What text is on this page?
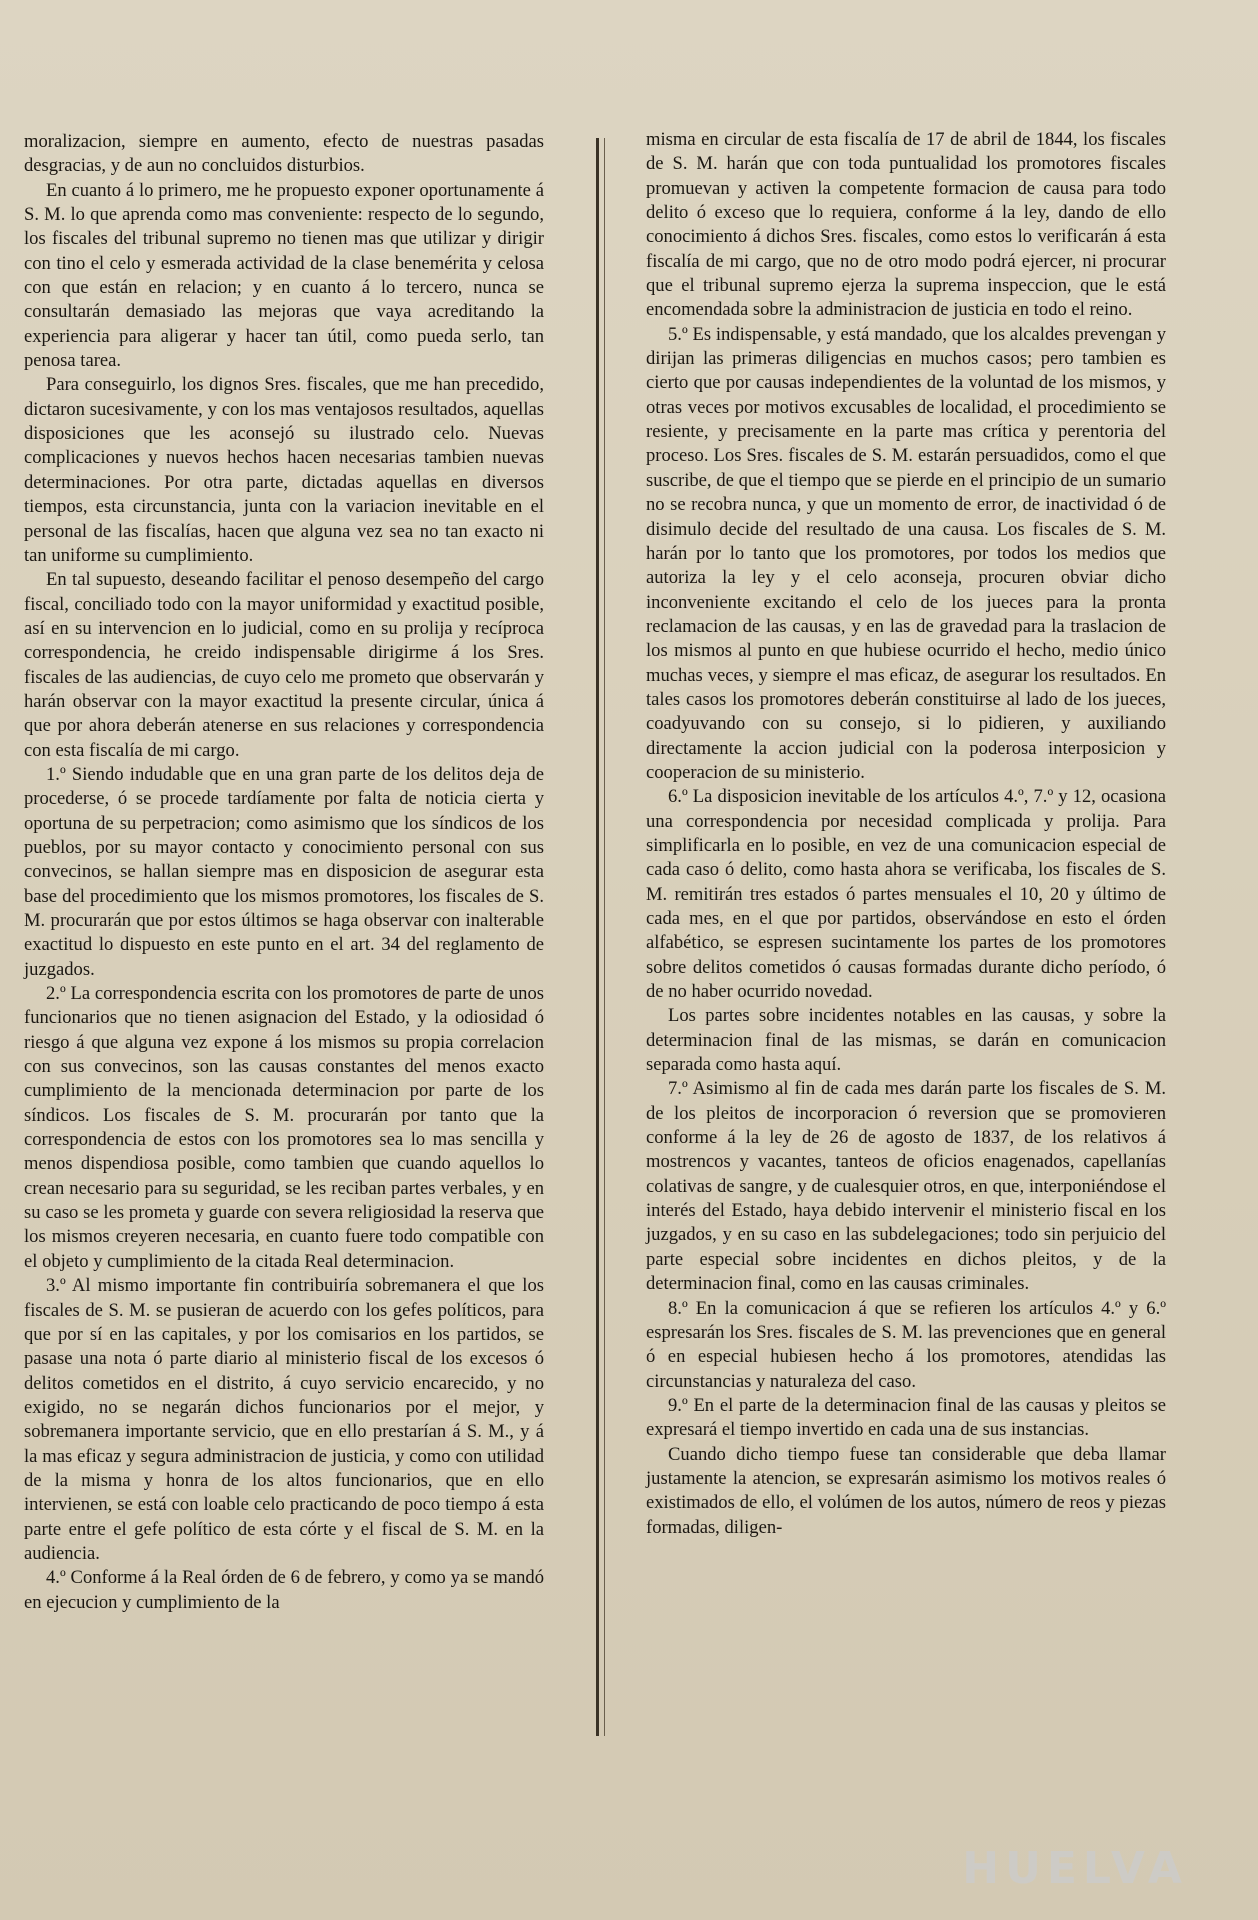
moralizacion, siempre en aumento, efecto de nuestras pasadas desgracias, y de aun no concluidos disturbios.

En cuanto á lo primero, me he propuesto exponer oportunamente á S. M. lo que aprenda como mas conveniente: respecto de lo segundo, los fiscales del tribunal supremo no tienen mas que utilizar y dirigir con tino el celo y esmerada actividad de la clase benemérita y celosa con que están en relacion; y en cuanto á lo tercero, nunca se consultarán demasiado las mejoras que vaya acreditando la experiencia para aligerar y hacer tan útil, como pueda serlo, tan penosa tarea.

Para conseguirlo, los dignos Sres. fiscales, que me han precedido, dictaron sucesivamente, y con los mas ventajosos resultados, aquellas disposiciones que les aconsejó su ilustrado celo. Nuevas complicaciones y nuevos hechos hacen necesarias tambien nuevas determinaciones. Por otra parte, dictadas aquellas en diversos tiempos, esta circunstancia, junta con la variacion inevitable en el personal de las fiscalías, hacen que alguna vez sea no tan exacto ni tan uniforme su cumplimiento.

En tal supuesto, deseando facilitar el penoso desempeño del cargo fiscal, conciliado todo con la mayor uniformidad y exactitud posible, así en su intervencion en lo judicial, como en su prolija y recíproca correspondencia, he creido indispensable dirigirme á los Sres. fiscales de las audiencias, de cuyo celo me prometo que observarán y harán observar con la mayor exactitud la presente circular, única á que por ahora deberán atenerse en sus relaciones y correspondencia con esta fiscalía de mi cargo.

1.º Siendo indudable que en una gran parte de los delitos deja de procederse, ó se procede tardíamente por falta de noticia cierta y oportuna de su perpetracion; como asimismo que los síndicos de los pueblos, por su mayor contacto y conocimiento personal con sus convecinos, se hallan siempre mas en disposicion de asegurar esta base del procedimiento que los mismos promotores, los fiscales de S. M. procurarán que por estos últimos se haga observar con inalterable exactitud lo dispuesto en este punto en el art. 34 del reglamento de juzgados.

2.º La correspondencia escrita con los promotores de parte de unos funcionarios que no tienen asignacion del Estado, y la odiosidad ó riesgo á que alguna vez expone á los mismos su propia correlacion con sus convecinos, son las causas constantes del menos exacto cumplimiento de la mencionada determinacion por parte de los síndicos. Los fiscales de S. M. procurarán por tanto que la correspondencia de estos con los promotores sea lo mas sencilla y menos dispendiosa posible, como tambien que cuando aquellos lo crean necesario para su seguridad, se les reciban partes verbales, y en su caso se les prometa y guarde con severa religiosidad la reserva que los mismos creyeren necesaria, en cuanto fuere todo compatible con el objeto y cumplimiento de la citada Real determinacion.

3.º Al mismo importante fin contribuiría sobremanera el que los fiscales de S. M. se pusieran de acuerdo con los gefes políticos, para que por sí en las capitales, y por los comisarios en los partidos, se pasase una nota ó parte diario al ministerio fiscal de los excesos ó delitos cometidos en el distrito, á cuyo servicio encarecido, y no exigido, no se negarán dichos funcionarios por el mejor, y sobremanera importante servicio, que en ello prestarían á S. M., y á la mas eficaz y segura administracion de justicia, y como con utilidad de la misma y honra de los altos funcionarios, que en ello intervienen, se está con loable celo practicando de poco tiempo á esta parte entre el gefe político de esta córte y el fiscal de S. M. en la audiencia.

4.º Conforme á la Real órden de 6 de febrero, y como ya se mandó en ejecucion y cumplimiento de la

misma en circular de esta fiscalía de 17 de abril de 1844, los fiscales de S. M. harán que con toda puntualidad los promotores fiscales promuevan y activen la competente formacion de causa para todo delito ó exceso que lo requiera, conforme á la ley, dando de ello conocimiento á dichos Sres. fiscales, como estos lo verificarán á esta fiscalía de mi cargo, que no de otro modo podrá ejercer, ni procurar que el tribunal supremo ejerza la suprema inspeccion, que le está encomendada sobre la administracion de justicia en todo el reino.

5.º Es indispensable, y está mandado, que los alcaldes prevengan y dirijan las primeras diligencias en muchos casos; pero tambien es cierto que por causas independientes de la voluntad de los mismos, y otras veces por motivos excusables de localidad, el procedimiento se resiente, y precisamente en la parte mas crítica y perentoria del proceso. Los Sres. fiscales de S. M. estarán persuadidos, como el que suscribe, de que el tiempo que se pierde en el principio de un sumario no se recobra nunca, y que un momento de error, de inactividad ó de disimulo decide del resultado de una causa. Los fiscales de S. M. harán por lo tanto que los promotores, por todos los medios que autoriza la ley y el celo aconseja, procuren obviar dicho inconveniente excitando el celo de los jueces para la pronta reclamacion de las causas, y en las de gravedad para la traslacion de los mismos al punto en que hubiese ocurrido el hecho, medio único muchas veces, y siempre el mas eficaz, de asegurar los resultados. En tales casos los promotores deberán constituirse al lado de los jueces, coadyuvando con su consejo, si lo pidieren, y auxiliando directamente la accion judicial con la poderosa interposicion y cooperacion de su ministerio.

6.º La disposicion inevitable de los artículos 4.º, 7.º y 12, ocasiona una correspondencia por necesidad complicada y prolija. Para simplificarla en lo posible, en vez de una comunicacion especial de cada caso ó delito, como hasta ahora se verificaba, los fiscales de S. M. remitirán tres estados ó partes mensuales el 10, 20 y último de cada mes, en el que por partidos, observándose en esto el órden alfabético, se espresen sucintamente los partes de los promotores sobre delitos cometidos ó causas formadas durante dicho período, ó de no haber ocurrido novedad.

Los partes sobre incidentes notables en las causas, y sobre la determinacion final de las mismas, se darán en comunicacion separada como hasta aquí.

7.º Asimismo al fin de cada mes darán parte los fiscales de S. M. de los pleitos de incorporacion ó reversion que se promovieren conforme á la ley de 26 de agosto de 1837, de los relativos á mostrencos y vacantes, tanteos de oficios enagenados, capellanías colativas de sangre, y de cualesquier otros, en que, interponiéndose el interés del Estado, haya debido intervenir el ministerio fiscal en los juzgados, y en su caso en las subdelegaciones; todo sin perjuicio del parte especial sobre incidentes en dichos pleitos, y de la determinacion final, como en las causas criminales.

8.º En la comunicacion á que se refieren los artículos 4.º y 6.º espresarán los Sres. fiscales de S. M. las prevenciones que en general ó en especial hubiesen hecho á los promotores, atendidas las circunstancias y naturaleza del caso.

9.º En el parte de la determinacion final de las causas y pleitos se expresará el tiempo invertido en cada una de sus instancias.

Cuando dicho tiempo fuese tan considerable que deba llamar justamente la atencion, se expresarán asimismo los motivos reales ó existimados de ello, el volúmen de los autos, número de reos y piezas formadas, diligen-

HUELVA
